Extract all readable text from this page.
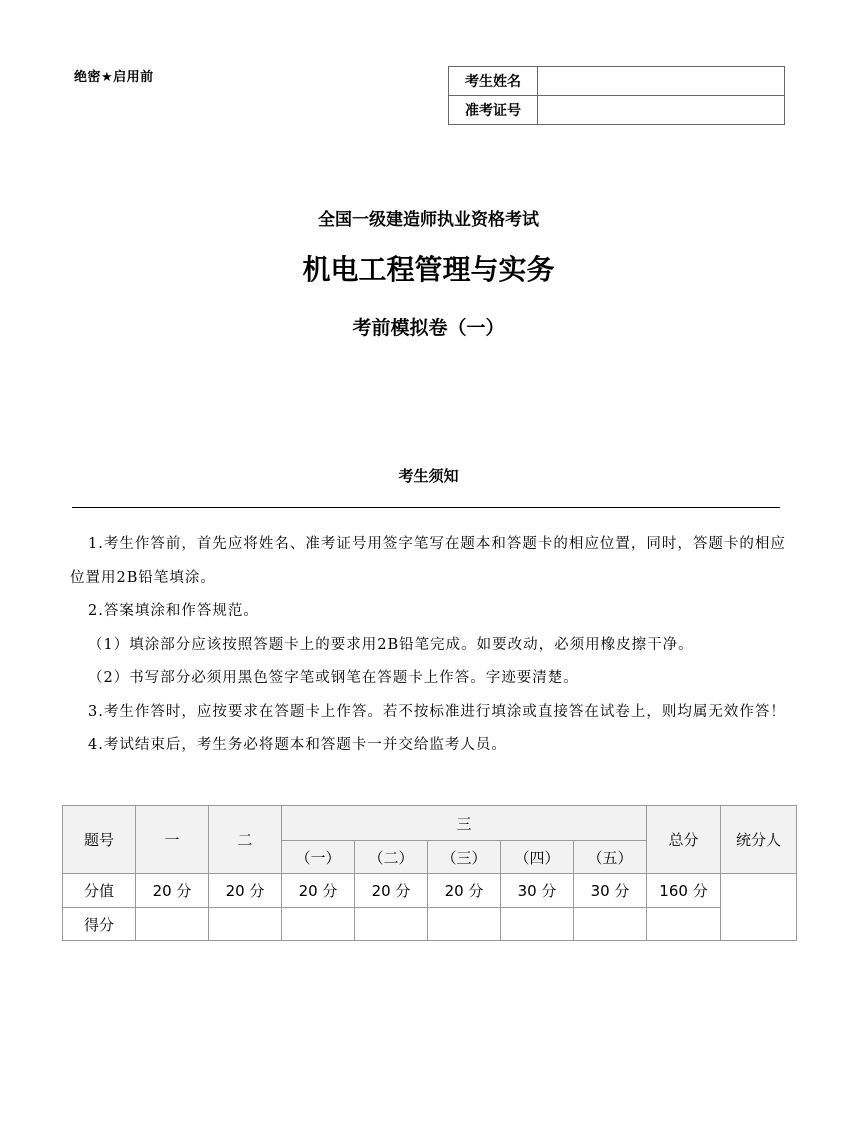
绝密★启用前	考生姓名	
准考证号	
全国一级建造师执业资格考试
机电工程管理与实务
考前模拟卷（一）
考生须知

1.考生作答前，首先应将姓名、准考证号用签字笔写在题本和答题卡的相应位置，同时，答题卡的相应位置用2B铅笔填涂。

2.答案填涂和作答规范。

（1）填涂部分应该按照答题卡上的要求用2B铅笔完成。如要改动，必须用橡皮擦干净。

（2）书写部分必须用黑色签字笔或钢笔在答题卡上作答。字迹要清楚。

3.考生作答时，应按要求在答题卡上作答。若不按标准进行填涂或直接答在试卷上，则均属无效作答！

4.考试结束后，考生务必将题本和答题卡一并交给监考人员。

题号	一	二	三					总分	统分人
			（一）	（二）	（三）	（四）	（五）		
分值	20 分	20 分	20 分	20 分	20 分	30 分	30 分	160 分	
得分									
